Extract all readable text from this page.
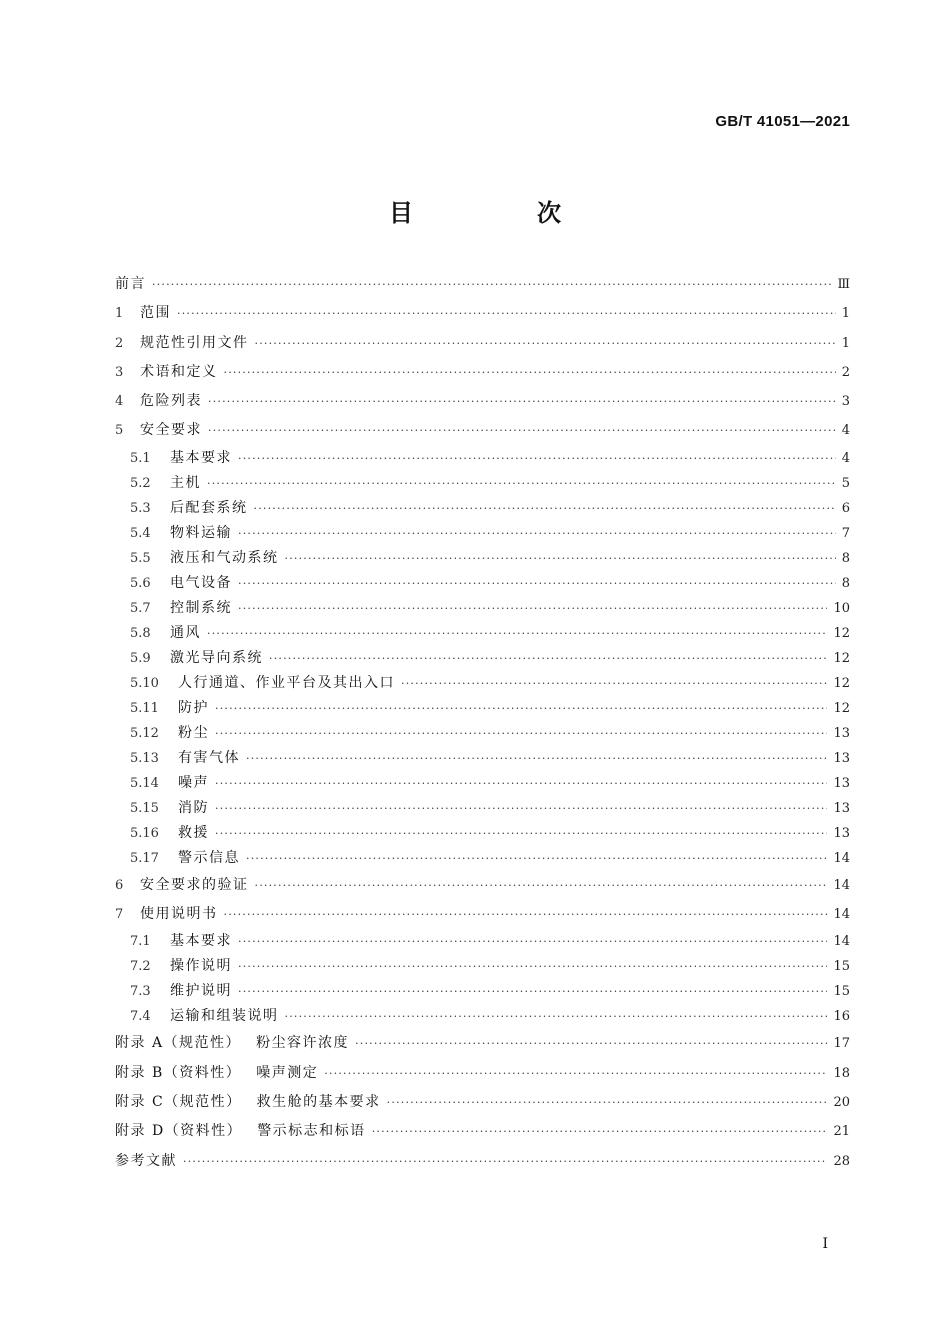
GB/T 41051—2021
目　次
前言 ·····	Ⅲ
1	范围 ·····	1
2	规范性引用文件 ·····	1
3	术语和定义 ·····	2
4	危险列表 ·····	3
5	安全要求 ·····	4
5.1	基本要求 ·····	4
5.2	主机 ·····	5
5.3	后配套系统 ·····	6
5.4	物料运输 ·····	7
5.5	液压和气动系统 ·····	8
5.6	电气设备 ·····	8
5.7	控制系统 ·····	10
5.8	通风 ·····	12
5.9	激光导向系统 ·····	12
5.10	人行通道、作业平台及其出入口 ·····	12
5.11	防护 ·····	12
5.12	粉尘 ·····	13
5.13	有害气体 ·····	13
5.14	噪声 ·····	13
5.15	消防 ·····	13
5.16	救援 ·····	13
5.17	警示信息 ·····	14
6	安全要求的验证 ·····	14
7	使用说明书 ·····	14
7.1	基本要求 ·····	14
7.2	操作说明 ·····	15
7.3	维护说明 ·····	15
7.4	运输和组装说明 ·····	16
附录 A（规范性） 粉尘容许浓度 ·····	17
附录 B（资料性） 噪声测定 ·····	18
附录 C（规范性） 救生舱的基本要求 ·····	20
附录 D（资料性） 警示标志和标语 ·····	21
参考文献 ·····	28
I
